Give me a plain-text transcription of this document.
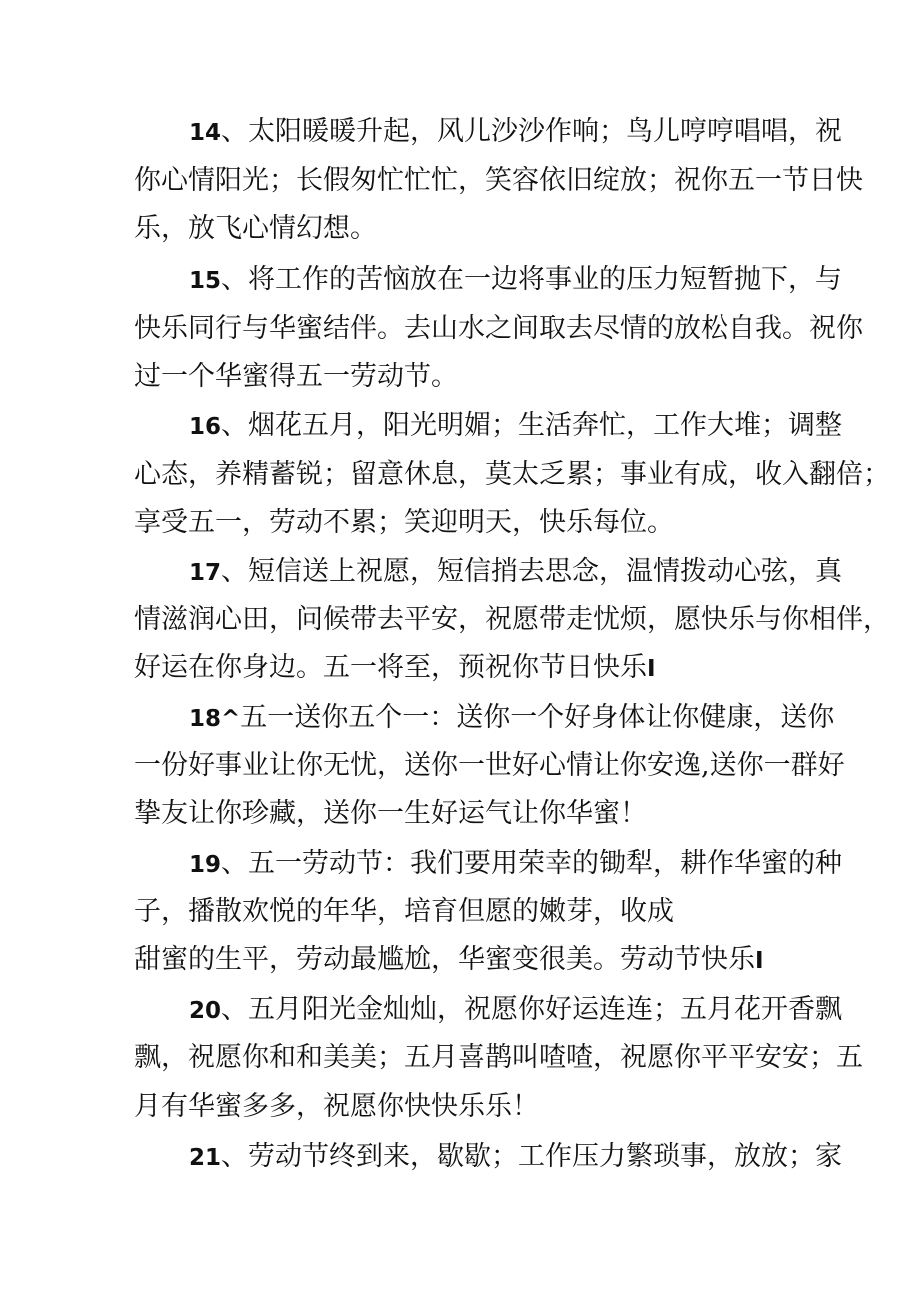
14、太阳暖暖升起，风儿沙沙作响；鸟儿哼哼唱唱，祝
你心情阳光；长假匆忙忙忙，笑容依旧绽放；祝你五一节日快
乐，放飞心情幻想。
15、将工作的苦恼放在一边将事业的压力短暂抛下，与
快乐同行与华蜜结伴。去山水之间取去尽情的放松自我。祝你
过一个华蜜得五一劳动节。
16、烟花五月，阳光明媚；生活奔忙，工作大堆；调整
心态，养精蓄锐；留意休息，莫太乏累；事业有成，收入翻倍；
享受五一，劳动不累；笑迎明天，快乐每位。
17、短信送上祝愿，短信捎去思念，温情拨动心弦，真
情滋润心田，问候带去平安，祝愿带走忧烦，愿快乐与你相伴，
好运在你身边。五一将至，预祝你节日快乐I
18^五一送你五个一：送你一个好身体让你健康，送你
一份好事业让你无忧，送你一世好心情让你安逸,送你一群好
挚友让你珍藏，送你一生好运气让你华蜜！
19、五一劳动节：我们要用荣幸的锄犁，耕作华蜜的种
子，播散欢悦的年华，培育但愿的嫩芽，收成
甜蜜的生平，劳动最尴尬，华蜜变很美。劳动节快乐I
20、五月阳光金灿灿，祝愿你好运连连；五月花开香飘
飘，祝愿你和和美美；五月喜鹊叫喳喳，祝愿你平平安安；五
月有华蜜多多，祝愿你快快乐乐！
21、劳动节终到来，歇歇；工作压力繁琐事，放放；家
